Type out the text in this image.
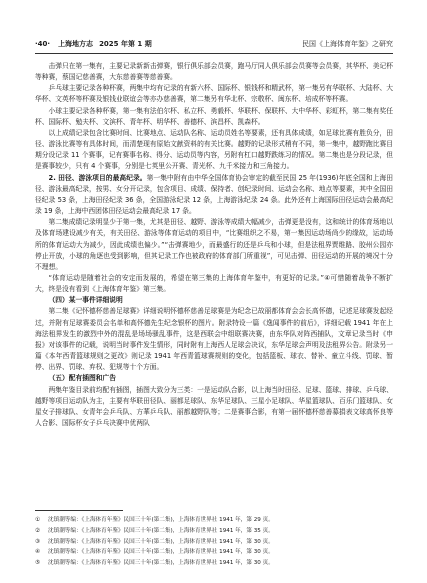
·40· 上海地方志 2025 年第 1 期	民国《上海体育年鉴》之研究

击弹只在第一集有，主要记录新新击弹赛，银行俱乐部会员赛，跑马厅同人俱乐部会员赛等会员赛，其华杯、美记杯等种赛，蔡国记慈善赛，大东慈善赛等慈善赛。

乒乓球主要记录各种杯赛，两集中均有记录的有新六杯、国际杯、银钱杯和精武杯，第一集另有华联杯、大陆杯、大华杯、文英杯等杯赛及银钱业联谊会等亦办慈善赛，第二集另有华北杯、宗敬杯、闽东杯、培成杯等杯赛。

小球主要记录各种杯赛，第一集有法伯尔杯、私立杯、勇毅杯、华联杯、保联杯、大中华杯、彩虹杯，第二集有奖任杯、国际杯、勉夫杯、文滨杯、青年杯、明华杯、善德杯、滨昌杯、凯森杯。

以上成绩记录包含比赛时间、比赛地点、运动队名称、运动员姓名等要素，还有具体成绩，如足球比赛有胜负分，田径、游泳比赛等有具体时间，而清楚现有原始文献资料的有关比赛。越野的记录形式稍有不同，第一集中，越野跑比赛目期分设记录 11 个赛事，记有赛事名称、得分、运动员等内容，另附有杠口越野跌练习的情况。第二集也是分段记录，但是赛事较少，只有 4 个赛事，分别是七英里公开赛、青光杯、九千米接力和三角接力。

2. 田径、游泳项目的最高纪录。第一集中附有由中华全国体育协会审定的截至民国 25 年(1936)年底全国和上海田径、游泳最高纪录，按男、女分开记录，包含项目、成绩、保持者、创纪录时间、运动会名称、地点等要素，其中全国田径纪录 53 条，上海田径纪录 36 条，全国游泳纪录 12 条，上海游泳纪录 24 条。此外还有上海国际田径运动会最高纪录 19 条，上海中西团体田径运动会最高纪录 17 条。

第二集成绩记录明显少于第一集，尤其是田径、越野、游泳等成绩大幅减少，击弹更是没有，这和统计的体育场地以及体育场建设减少有关，有关田径、游泳等体育运动的项目中，“比赛组织之不易，第一集因运动场尚少的缘故，运动场所的体育运动大为减少，因此成绩也偏少。”“击弹赛地少，而最盛行的还是乒乓和小球，但是法租界贾维路、胶州公园亦停止开放，小球的角逐也受到影响，但其记录工作也被政府的体育部门所重视”，可见击弹、田径运动的开展的境况十分不理想。

“体育运动是随着社会的安定而发展的，希望在第三集的上海体育年鉴中，有更好的记录。”④可惜随着战争不断扩大，终是没有看到《上海体育年鉴》第三集。

（四）某一事件详细说明

第二集《记怀德杯慈善足球赛》详细说明怀德杯慈善足球赛是为纪念已故丽都体育会会长高怀德，记述足球赛发起经过，并附有足球赛委员会名单和高怀德先生纪念银杯的图片。附录特设一篇《逸闻事件的前后》，详细记载 1941 年在上海法租界发生的激烈中外的混乱是场场骚乱事件，这是西联会中组联赛决赛，由东华队对阵西捕队，文章记录当时《申报》对该事件的记载，说明当时事件发生情形，同时附有上海西人足球会决议，东华足球会声明及法租界公告。附录另一篇《本年西青篮球规则之更改》则记录 1941 年西青篮球赛规则的变化，包括篮板、球衣、替补、童立斗线、罚球、暂停、出界、罚球、弃权、犯规等十个方面。

（五）配有插图和广告

两集年鉴目录前均配有插图，插图大致分为三类：一是运动队合影，以上海当时田径、足球、篮球、排球、乒乓球、越野等项目运动队为主，主要有华联田径队、丽都足球队、东华足球队、三星小足球队、华星篮球队、百乐门篮球队、女星女子排球队、女青年会乒乓队、方華乒乓队、丽都越野队等；二是赛事合影，有第一届怀德杯慈善募捐表文球高怀良等人合影、国际杯女子乒乓决赛中优两队

①	沈镇潮等编：《上海体育年鉴》民国三十年(第二集)，上海体育世界社 1941 年，第 29 页。
②	沈镇潮等编：《上海体育年鉴》民国三十年(第二集)，上海体育世界社 1941 年，第 35 页。
③	沈镇潮等编：《上海体育年鉴》民国三十年(第二集)，上海体育世界社 1941 年，第 30 页。
④	沈镇潮等编：《上海体育年鉴》民国三十年(第二集)，上海体育世界社 1941 年，第 30 页。
⑤	沈镇潮等编：《上海体育年鉴》民国三十年(第二集)，上海体育世界社 1941 年，第 30 页。
